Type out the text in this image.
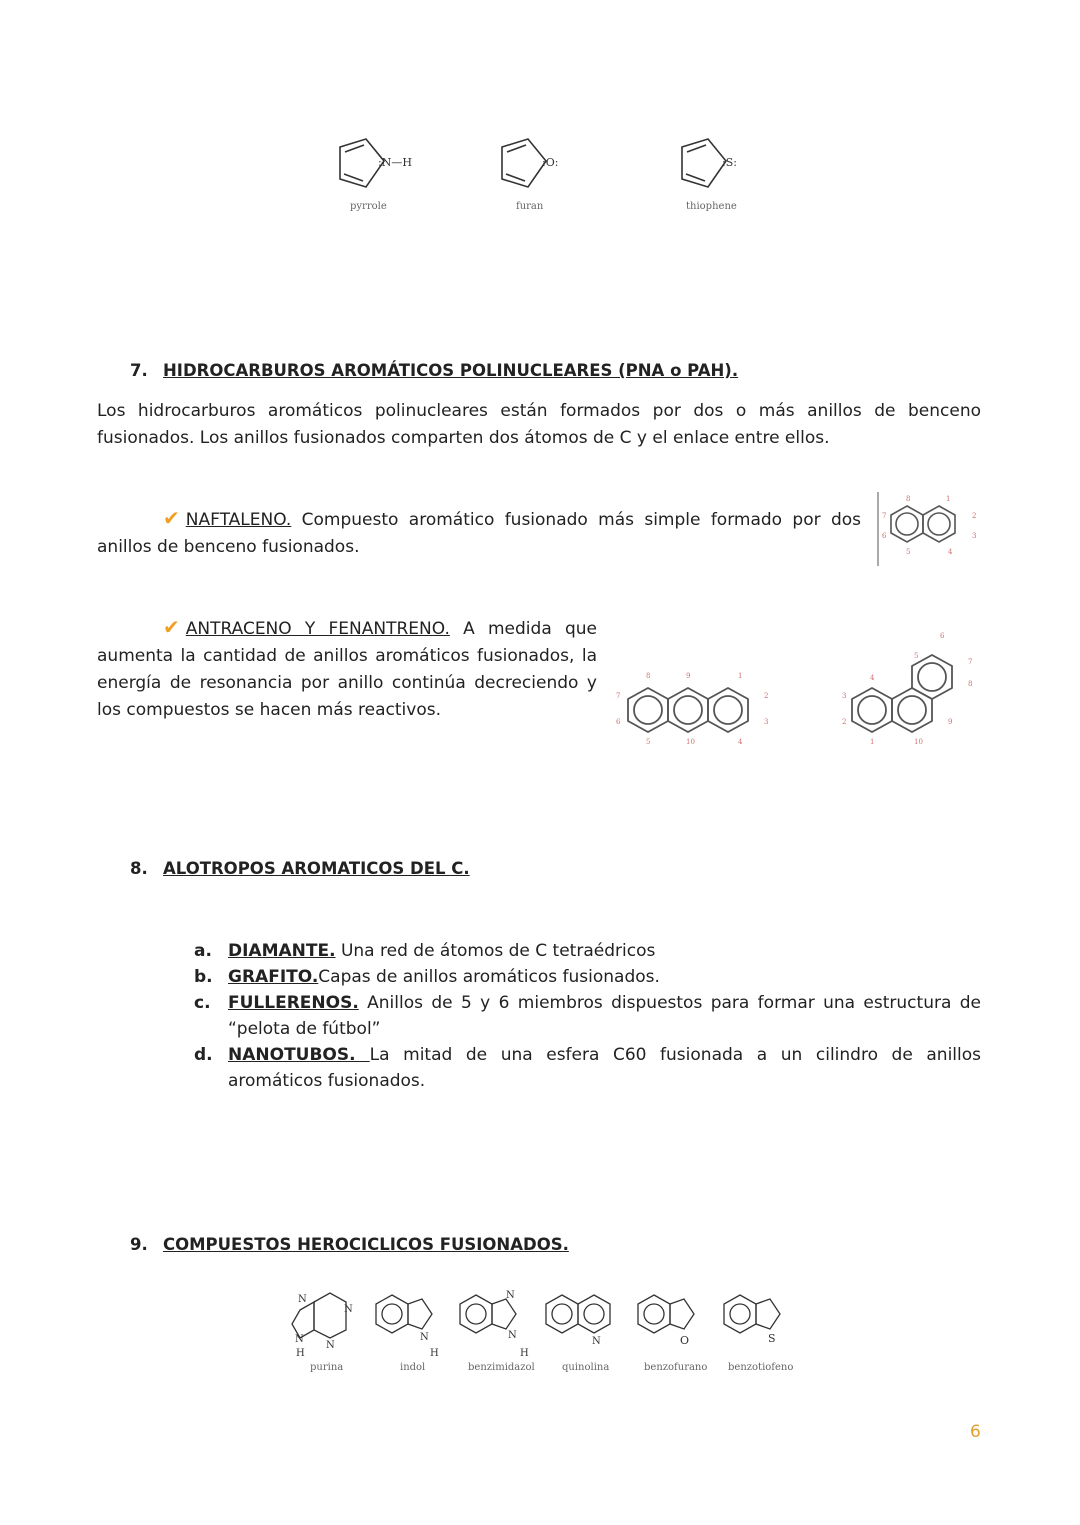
:N—H
pyrrole
:O:
furan
:S:
thiophene
7. HIDROCARBUROS AROMÁTICOS POLINUCLEARES (PNA o PAH).
Los hidrocarburos aromáticos polinucleares están formados por dos o más anillos de benceno fusionados. Los anillos fusionados comparten dos átomos de C y el enlace entre ellos.
✔ NAFTALENO. Compuesto aromático fusionado más simple formado por dos anillos de benceno fusionados.
8	1
2
3
4
5
6
7
✔ ANTRACENO Y FENANTRENO. A medida que aumenta la cantidad de anillos aromáticos fusionados, la energía de resonancia por anillo continúa decreciendo y los compuestos se hacen más reactivos.
8	9	1
2
3
4
5	10
6
7
6
5
7
8
9
10
1
2
3
4
8. ALOTROPOS AROMATICOS DEL C.
a. DIAMANTE. Una red de átomos de C tetraédricos
b. GRAFITO.Capas de anillos aromáticos fusionados.
c. FULLERENOS. Anillos de 5 y 6 miembros dispuestos para formar una estructura de “pelota de fútbol”
d. NANOTUBOS. La mitad de una esfera C60 fusionada a un cilindro de anillos aromáticos fusionados.
9. COMPUESTOS HEROCICLICOS FUSIONADOS.
N
N
N
N
H
purina
N
H
indol
N
N
H
benzimidazol
N
quinolina
O
benzofurano
S
benzotiofeno
6
